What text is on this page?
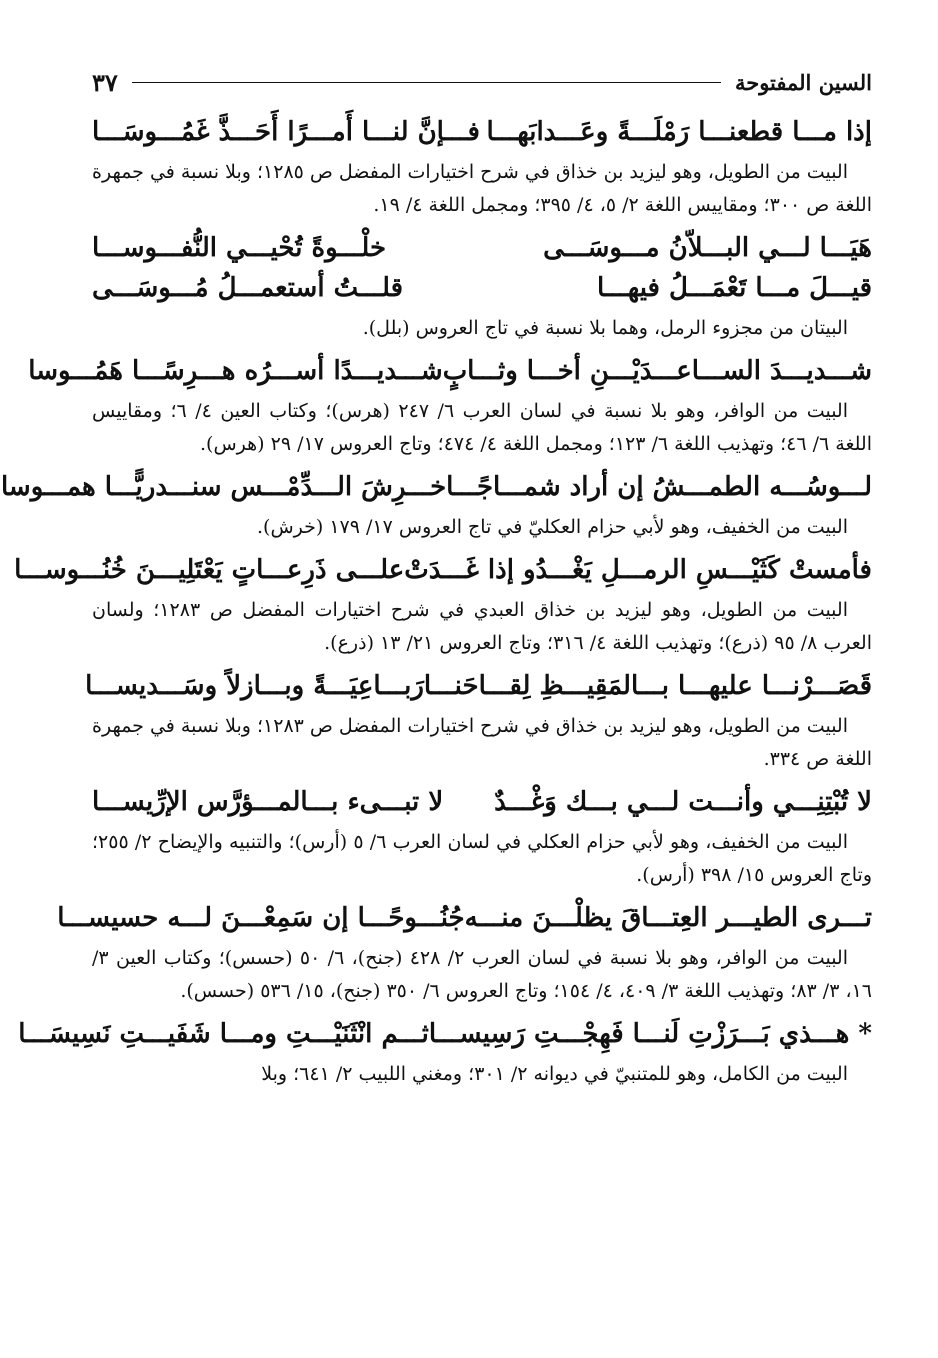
السين المفتوحة
٣٧
إذا مـــا قطعنـــا رَمْلَـــةً وعَـــدابَهـــا
فـــإنَّ لنـــا أَمـــرًا أَحَـــذَّ غَمُـــوسَـــا

البيت من الطويل، وهو ليزيد بن خذاق في شرح اختيارات المفضل ص ١٢٨٥؛ وبلا نسبة في جمهرة اللغة ص ٣٠٠؛ ومقاييس اللغة ٢/ ٥، ٤/ ٣٩٥؛ ومجمل اللغة ٤/ ١٩.

هَيَـــا لـــي البـــلاّنُ مـــوسَـــى
خلْـــوةً تُحْيـــي النُّفـــوســـا
قيـــلَ مـــا تَعْمَـــلُ فيهـــا
قلـــتُ أستعمـــلُ مُـــوسَـــى

البيتان من مجزوء الرمل، وهما بلا نسبة في تاج العروس (بلل).

شـــديـــدَ الســـاعـــدَيْـــنِ أخـــا وثـــابٍ
شـــديـــدًا أســـرُه هـــرِسًـــا هَمُـــوسا

البيت من الوافر، وهو بلا نسبة في لسان العرب ٦/ ٢٤٧ (هرس)؛ وكتاب العين ٤/ ٦؛ ومقاييس اللغة ٦/ ٤٦؛ وتهذيب اللغة ٦/ ١٢٣؛ ومجمل اللغة ٤/ ٤٧٤؛ وتاج العروس ١٧/ ٢٩ (هرس).

لـــوسُـــه الطمـــشُ إن أراد شمـــاجًـــا
خـــرِشَ الـــدِّمْـــس سنـــدريًّـــا همـــوسا

البيت من الخفيف، وهو لأبي حزام العكليّ في تاج العروس ١٧/ ١٧٩ (خرش).

فأمستْ كَثَيْـــسِ الرمـــلِ يَغْـــدُو إذا غَـــدَتْ
علـــى ذَرِعـــاتٍ يَعْتَلِيـــنَ خُنُـــوســـا

البيت من الطويل، وهو ليزيد بن خذاق العبدي في شرح اختيارات المفضل ص ١٢٨٣؛ ولسان العرب ٨/ ٩٥ (ذرع)؛ وتهذيب اللغة ٤/ ٣١٦؛ وتاج العروس ٢١/ ١٣ (ذرع).

قَصَـــرْنـــا عليهـــا بـــالمَقِيـــظِ لِقـــاحَنـــا
رَبـــاعِيَـــةً وبـــازلاً وسَـــديســـا

البيت من الطويل، وهو ليزيد بن خذاق في شرح اختيارات المفضل ص ١٢٨٣؛ وبلا نسبة في جمهرة اللغة ص ٣٣٤.

لا تُبْتِنِـــي وأنـــت لـــي بـــك وَغْـــدٌ
لا تبـــىء بـــالمـــؤرَّس الإرِّيســـا

البيت من الخفيف، وهو لأبي حزام العكلي في لسان العرب ٦/ ٥ (أرس)؛ والتنبيه والإيضاح ٢/ ٢٥٥؛ وتاج العروس ١٥/ ٣٩٨ (أرس).

تـــرى الطيـــر العِتـــاقَ يظلْـــنَ منـــه
جُنُـــوحًـــا إن سَمِعْـــنَ لـــه حسيســـا

البيت من الوافر، وهو بلا نسبة في لسان العرب ٢/ ٤٢٨ (جنح)، ٦/ ٥٠ (حسس)؛ وكتاب العين ٣/ ١٦، ٣/ ٨٣؛ وتهذيب اللغة ٣/ ٤٠٩، ٤/ ١٥٤؛ وتاج العروس ٦/ ٣٥٠ (جنح)، ١٥/ ٥٣٦ (حسس).

* هـــذي بَـــرَزْتِ لَنـــا فَهِجْـــتِ رَسِيســـا
ثـــم انْثَنَيْـــتِ ومـــا شَفَيـــتِ نَسِيسَـــا

البيت من الكامل، وهو للمتنبيّ في ديوانه ٢/ ٣٠١؛ ومغني اللبيب ٢/ ٦٤١؛ وبلا
